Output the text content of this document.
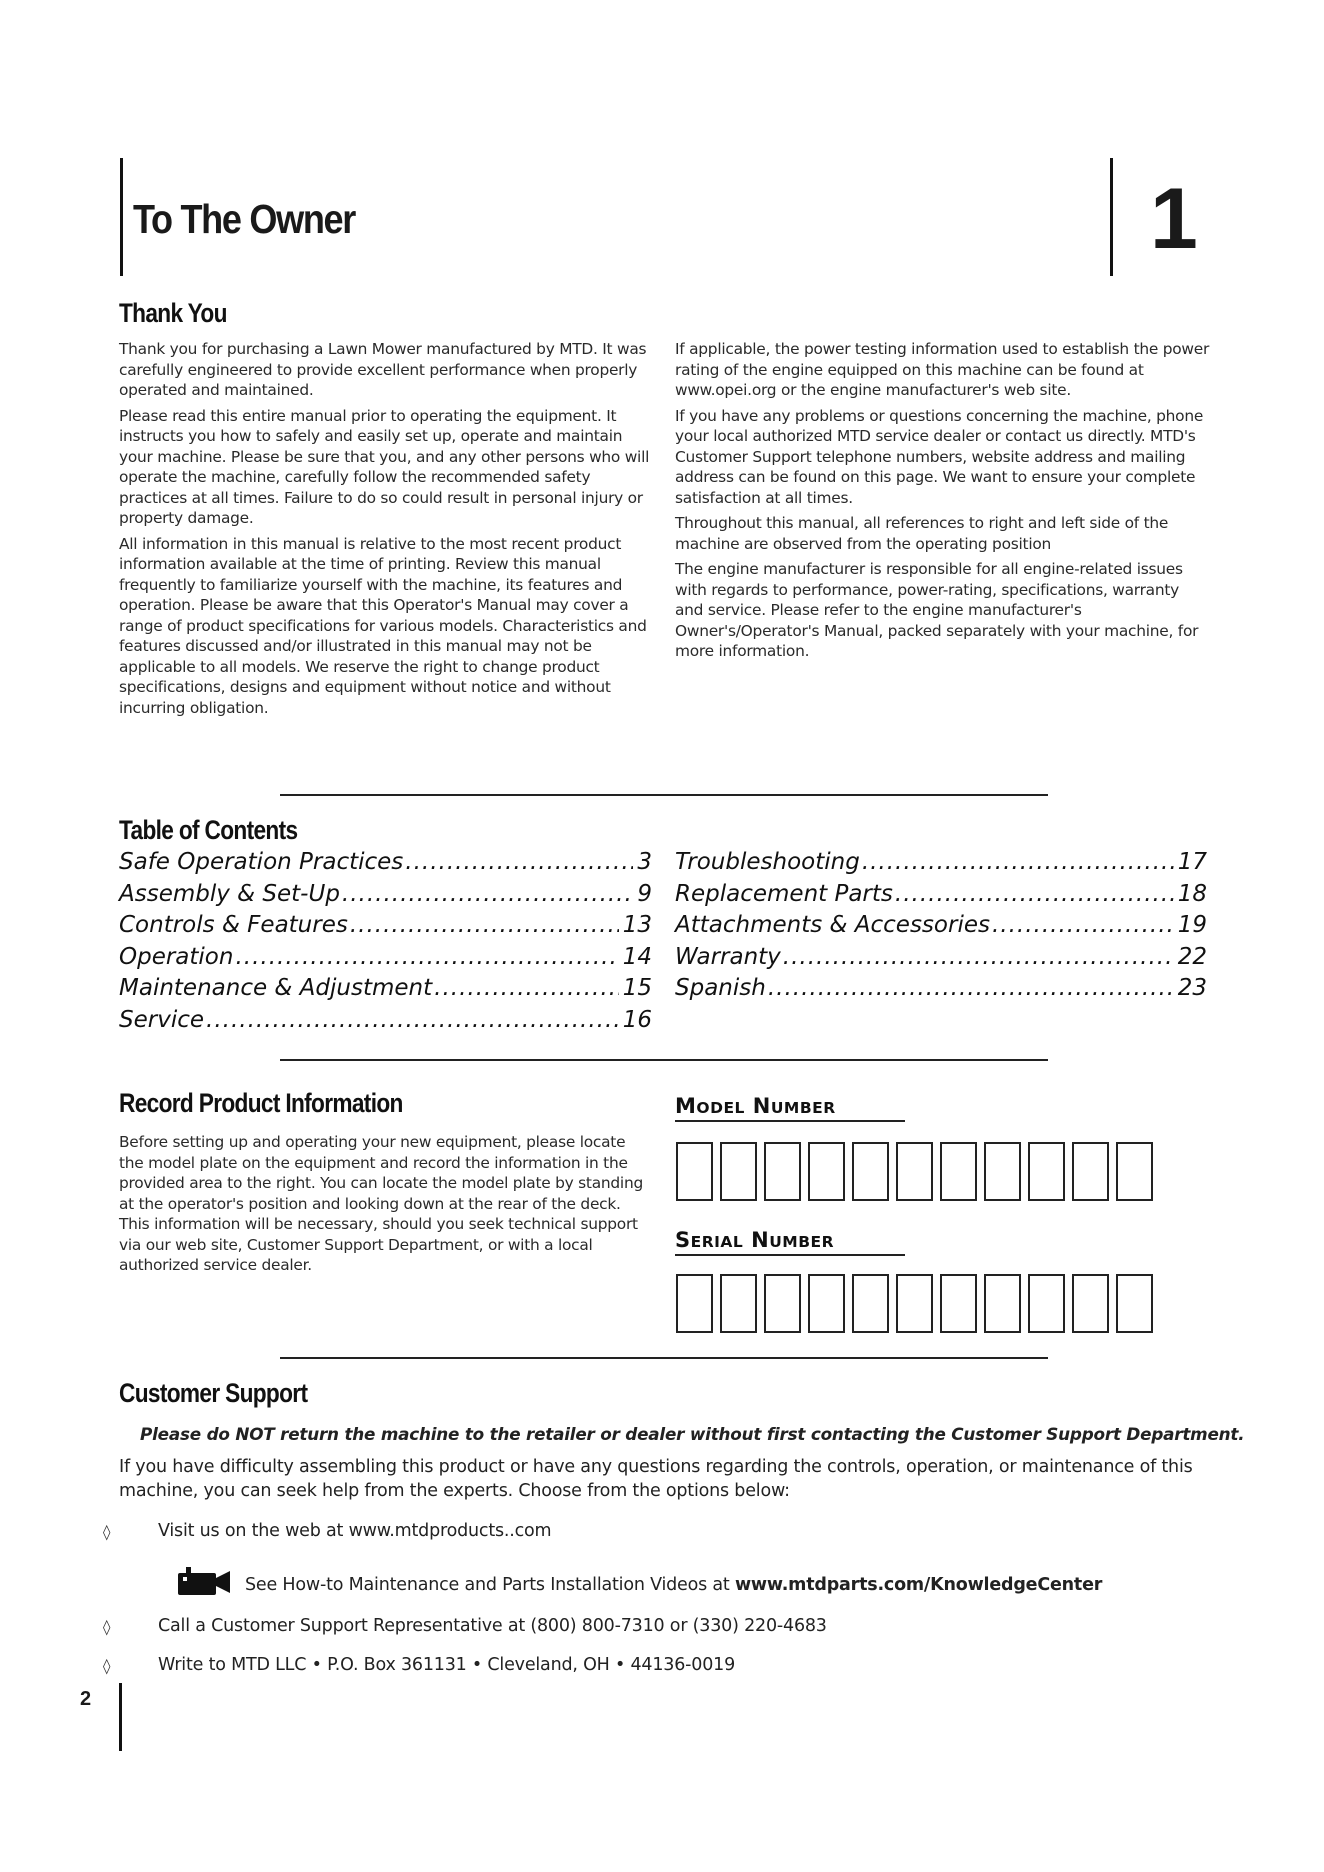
To The Owner	1
Thank You

Thank you for purchasing a Lawn Mower manufactured by MTD. It was carefully engineered to provide excellent performance when properly operated and maintained.

Please read this entire manual prior to operating the equipment. It instructs you how to safely and easily set up, operate and maintain your machine. Please be sure that you, and any other persons who will operate the machine, carefully follow the recommended safety practices at all times. Failure to do so could result in personal injury or property damage.

All information in this manual is relative to the most recent product information available at the time of printing. Review this manual frequently to familiarize yourself with the machine, its features and operation. Please be aware that this Operator's Manual may cover a range of product specifications for various models. Characteristics and features discussed and/or illustrated in this manual may not be applicable to all models. We reserve the right to change product specifications, designs and equipment without notice and without incurring obligation.

If applicable, the power testing information used to establish the power rating of the engine equipped on this machine can be found at www.opei.org or the engine manufacturer's web site.

If you have any problems or questions concerning the machine, phone your local authorized MTD service dealer or contact us directly. MTD's Customer Support telephone numbers, website address and mailing address can be found on this page. We want to ensure your complete satisfaction at all times.

Throughout this manual, all references to right and left side of the machine are observed from the operating position

The engine manufacturer is responsible for all engine-related issues with regards to performance, power-rating, specifications, warranty and service. Please refer to the engine manufacturer's Owner's/Operator's Manual, packed separately with your machine, for more information.

Table of Contents
Safe Operation Practices .....	3
Assembly & Set-Up .....	9
Controls & Features .....	13
Operation .....	14
Maintenance & Adjustment .....	15
Service .....	16
Troubleshooting .....	17
Replacement Parts .....	18
Attachments & Accessories .....	19
Warranty .....	22
Spanish .....	23
Record Product Information
Before setting up and operating your new equipment, please locate the model plate on the equipment and record the information in the provided area to the right. You can locate the model plate by standing at the operator's position and looking down at the rear of the deck. This information will be necessary, should you seek technical support via our web site, Customer Support Department, or with a local authorized service dealer.
MODEL NUMBER
SERIAL NUMBER
Customer Support
Please do NOT return the machine to the retailer or dealer without first contacting the Customer Support Department.
If you have difficulty assembling this product or have any questions regarding the controls, operation, or maintenance of this machine, you can seek help from the experts. Choose from the options below:
◊	Visit us on the web at www.mtdproducts..com
See How-to Maintenance and Parts Installation Videos at www.mtdparts.com/KnowledgeCenter
◊	Call a Customer Support Representative at (800) 800-7310 or (330) 220-4683
◊	Write to MTD LLC • P.O. Box 361131 • Cleveland, OH • 44136-0019
2
